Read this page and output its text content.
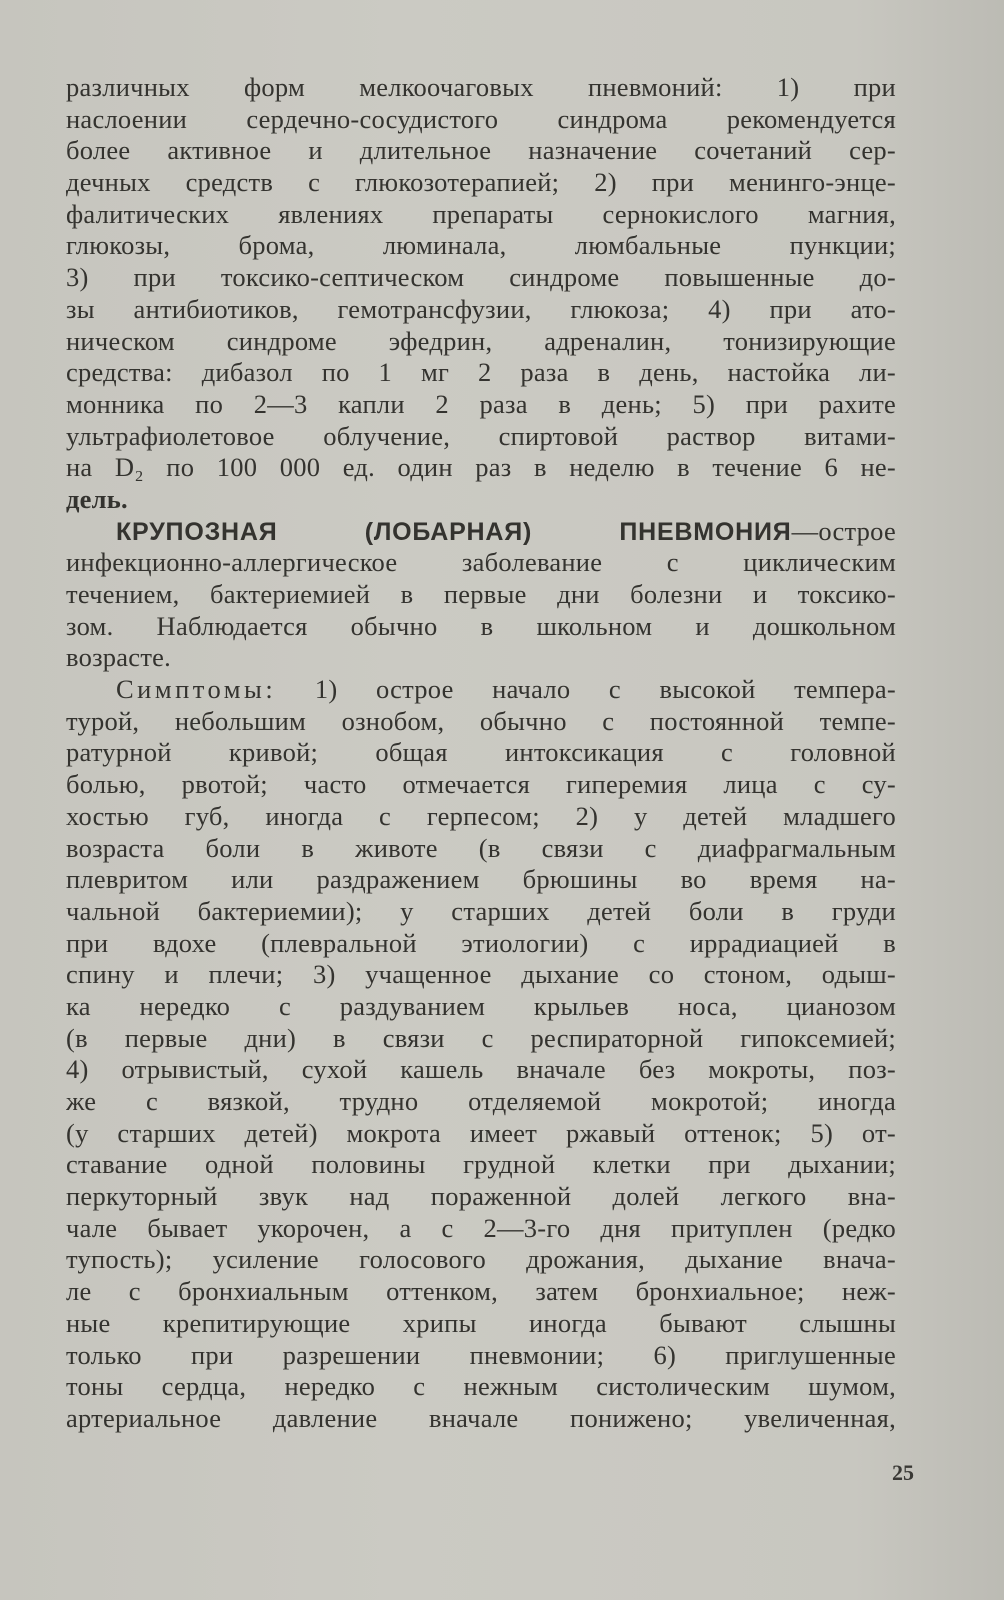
различных форм мелкоочаговых пневмоний: 1) при
наслоении сердечно-сосудистого синдрома рекомендуется
более активное и длительное назначение сочетаний сер-
дечных средств с глюкозотерапией; 2) при менинго-энце-
фалитических явлениях препараты сернокислого магния,
глюкозы, брома, люминала, люмбальные пункции;
3) при токсико-септическом синдроме повышенные до-
зы антибиотиков, гемотрансфузии, глюкоза; 4) при ато-
ническом синдроме эфедрин, адреналин, тонизирующие
средства: дибазол по 1 мг 2 раза в день, настойка ли-
монника по 2—3 капли 2 раза в день; 5) при рахите
ультрафиолетовое облучение, спиртовой раствор витами-
на D₂ по 100 000 ед. один раз в неделю в течение 6 не-
дель.
КРУПОЗНАЯ (ЛОБАРНАЯ) ПНЕВМОНИЯ—острое
инфекционно-аллергическое заболевание с циклическим
течением, бактериемией в первые дни болезни и токсико-
зом. Наблюдается обычно в школьном и дошкольном
возрасте.
Симптомы: 1) острое начало с высокой темпера-
турой, небольшим ознобом, обычно с постоянной темпе-
ратурной кривой; общая интоксикация с головной
болью, рвотой; часто отмечается гиперемия лица с су-
хостью губ, иногда с герпесом; 2) у детей младшего
возраста боли в животе (в связи с диафрагмальным
плевритом или раздражением брюшины во время на-
чальной бактериемии); у старших детей боли в груди
при вдохе (плевральной этиологии) с иррадиацией в
спину и плечи; 3) учащенное дыхание со стоном, одыш-
ка нередко с раздуванием крыльев носа, цианозом
(в первые дни) в связи с респираторной гипоксемией;
4) отрывистый, сухой кашель вначале без мокроты, поз-
же с вязкой, трудно отделяемой мокротой; иногда
(у старших детей) мокрота имеет ржавый оттенок; 5) от-
ставание одной половины грудной клетки при дыхании;
перкуторный звук над пораженной долей легкого вна-
чале бывает укорочен, а с 2—3-го дня притуплен (редко
тупость); усиление голосового дрожания, дыхание внача-
ле с бронхиальным оттенком, затем бронхиальное; неж-
ные крепитирующие хрипы иногда бывают слышны
только при разрешении пневмонии; 6) приглушенные
тоны сердца, нередко с нежным систолическим шумом,
артериальное давление вначале понижено; увеличенная,
25
